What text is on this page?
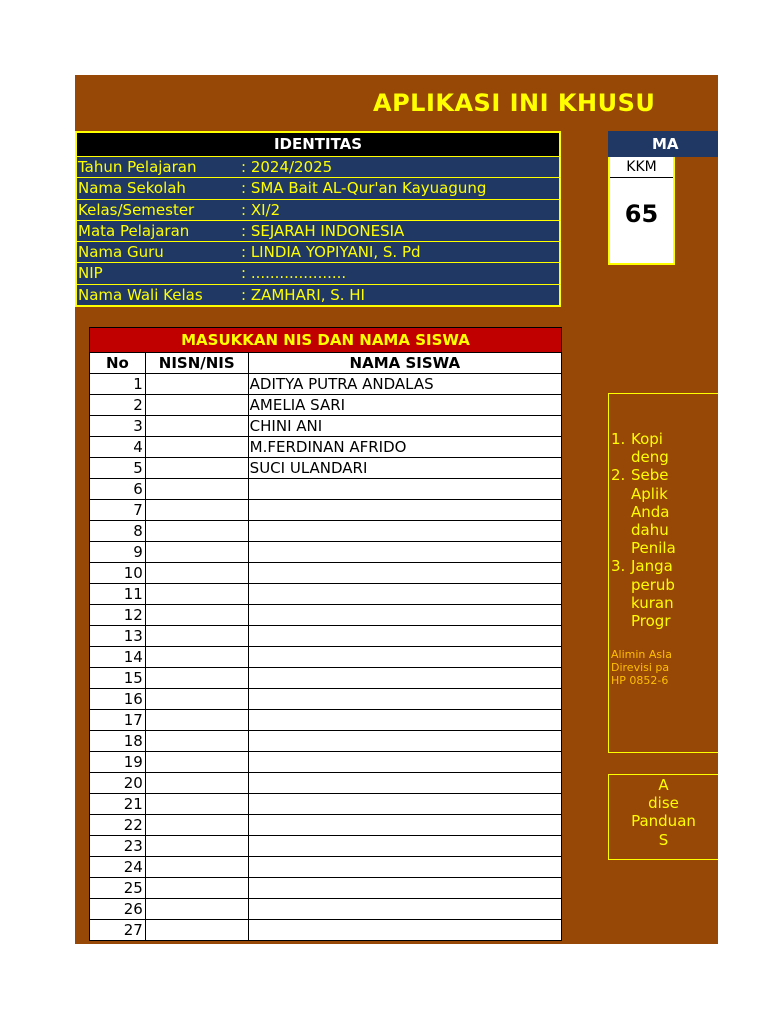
APLIKASI INI KHUSU
IDENTITAS
Tahun Pelajaran	: 2024/2025
Nama Sekolah	: SMA Bait AL-Qur'an Kayuagung
Kelas/Semester	: XI/2
Mata Pelajaran	: SEJARAH INDONESIA
Nama Guru	: LINDIA YOPIYANI, S. Pd
NIP	: ....................
Nama Wali Kelas	: ZAMHARI, S. HI
MA
KKM
65
MASUKKAN NIS DAN NAMA SISWA		
No	NISN/NIS	NAMA SISWA
1		ADITYA PUTRA ANDALAS
2		AMELIA SARI
3		CHINI ANI
4		M.FERDINAN AFRIDO
5		SUCI ULANDARI
6		
7		
8		
9		
10		
11		
12		
13		
14		
15		
16		
17		
18		
19		
20		
21		
22		
23		
24		
25		
26		
27		
1. Kopi
deng
2. Sebe
Aplik
Anda
dahu
Penila
3. Janga
perub
kuran
Progr
Alimin Asla
Direvisi pa
HP 0852-6
A
dise
Panduan
S
